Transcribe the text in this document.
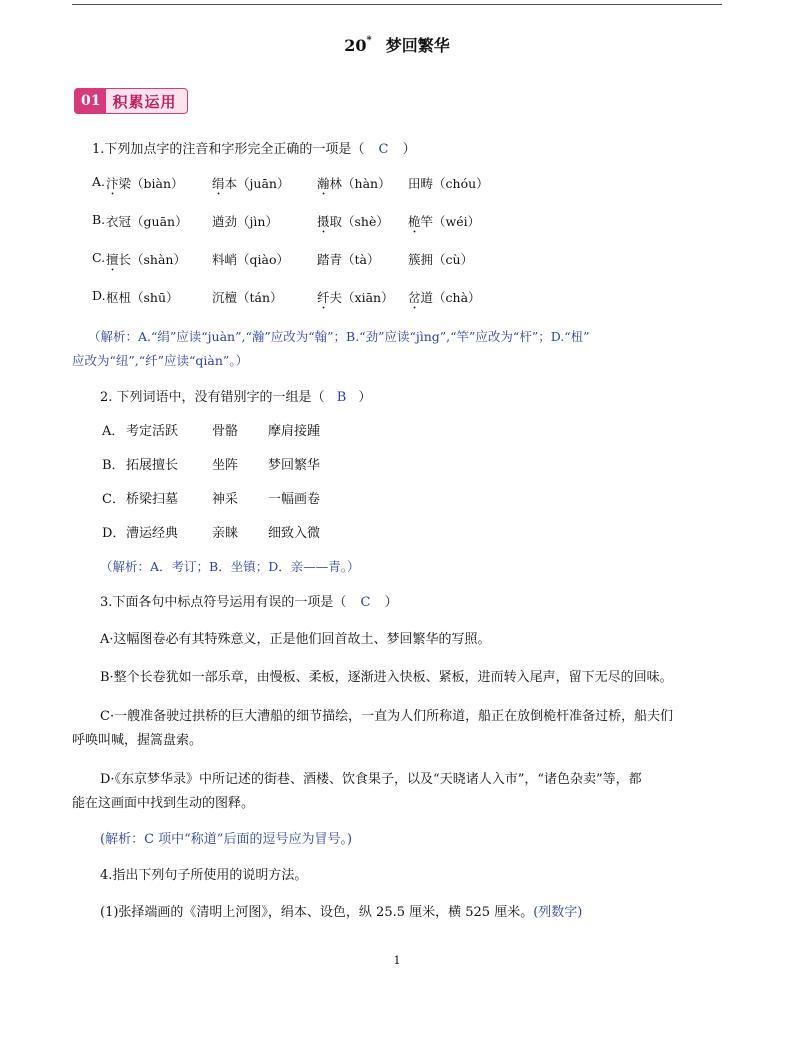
20* 梦回繁华
01 积累运用
1.下列加点字的注音和字形完全正确的一项是（ C ）
A. 汴梁（biàn） 绢本（juān） 瀚林（hàn） 田畴（chóu）
B. 衣冠（guān） 遒劲（jìn）	摄取（shè） 桅竿（wéi）
C. 擅长（shàn） 料峭（qiào） 踏青（tà） 簇拥（cù）
D. 枢杻（shū）	沉檀（tán）	纤夫（xiān） 岔道（chà）
（解析：A.“绢”应读“juàn”,“瀚”应改为“翰”；B.“劲”应读“jìng”,“竿”应改为“杆”；D.“杻”
应改为“纽”,“纤”应读“qiàn”。）
2. 下列词语中，没有错别字的一组是（ B ）
A． 考定活跃	骨骼 摩肩接踵
B． 拓展擅长	坐阵 梦回繁华
C． 桥梁扫墓	神采 一幅画卷
D． 漕运经典	亲睐 细致入微
（解析：A．考订；B．坐镇；D．亲——青。）
3.下面各句中标点符号运用有误的一项是（ C ）
A·这幅图卷必有其特殊意义，正是他们回首故土、梦回繁华的写照。
B·整个长卷犹如一部乐章，由慢板、柔板，逐渐进入快板、紧板，进而转入尾声，留下无尽的回味。
C·一艘准备驶过拱桥的巨大漕船的细节描绘，一直为人们所称道，船正在放倒桅杆准备过桥，船夫们
呼唤叫喊，握篙盘索。
D·《东京梦华录》中所记述的街巷、酒楼、饮食果子，以及“天晓诸人入市”，“诸色杂卖”等，都
能在这画面中找到生动的图释。
(解析：C 项中“称道”后面的逗号应为冒号。)
4.指出下列句子所使用的说明方法。
(1)张择端画的《清明上河图》，绢本、设色，纵 25.5 厘米，横 525 厘米。(列数字)
1
